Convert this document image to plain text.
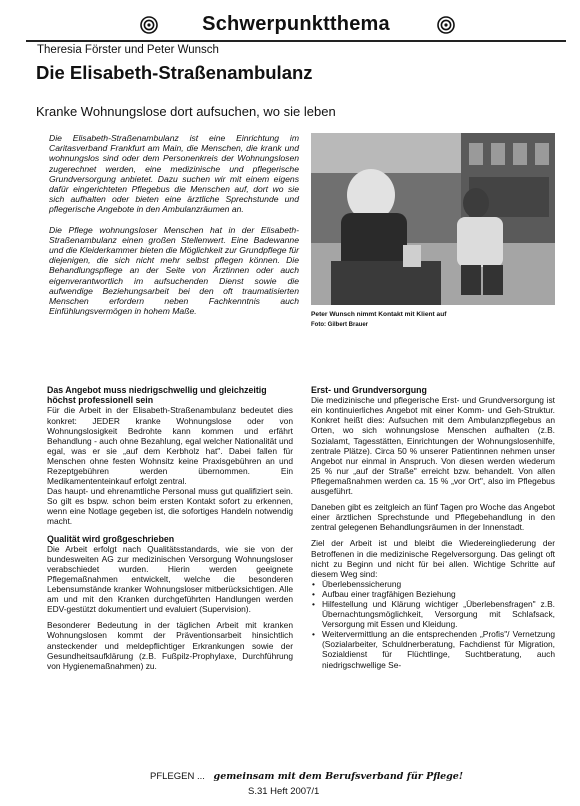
Schwerpunktthema
Theresia Förster und Peter Wunsch
Die Elisabeth-Straßenambulanz
Kranke Wohnungslose dort aufsuchen, wo sie leben

Die Elisabeth-Straßenambulanz ist eine Einrichtung im Caritasverband Frankfurt am Main, die Menschen, die krank und wohnungslos sind oder dem Personenkreis der Wohnungslosen zugerechnet werden, eine medizinische und pflegerische Grundversorgung anbietet. Dazu suchen wir mit einem eigens dafür eingerichteten Pflegebus die Menschen auf, dort wo sie sich aufhalten oder bieten eine ärztliche Sprechstunde und pflegerische Angebote in den Ambulanzräumen an.

Die Pflege wohnungsloser Menschen hat in der Elisabeth-Straßenambulanz einen großen Stellenwert. Eine Badewanne und die Kleiderkammer bieten die Möglichkeit zur Grundpflege für diejenigen, die sich nicht mehr selbst pflegen können. Die Behandlungspflege an der Seite von Ärztinnen oder auch eigenverantwortlich im aufsuchenden Dienst sowie die aufwendige Beziehungsarbeit bei den oft traumatisierten Menschen erfordern neben Fachkenntnis auch Einfühlungsvermögen in hohem Maße.	Peter Wunsch nimmt Kontakt mit Klient auf
Foto: Gilbert Brauer
Das Angebot muss niedrigschwellig und gleichzeitig höchst professionell sein

Für die Arbeit in der Elisabeth-Straßenambulanz bedeutet dies konkret: JEDER kranke Wohnungslose oder von Wohnungslosigkeit Bedrohte kann kommen und erfährt Behandlung - auch ohne Bezahlung, egal welcher Nationalität und egal, was er sie „auf dem Kerbholz hat". Dabei fallen für Menschen ohne festen Wohnsitz keine Praxisgebühren an und Rezeptgebühren werden übernommen. Ein Medikamententeinkauf erfolgt zentral.

Das haupt- und ehrenamtliche Personal muss gut qualifiziert sein. So gilt es bspw. schon beim ersten Kontakt sofort zu erkennen, wenn eine Notlage gegeben ist, die sofortiges Handeln notwendig macht.

Qualität wird großgeschrieben

Die Arbeit erfolgt nach Qualitätsstandards, wie sie von der bundesweiten AG zur medizinischen Versorgung Wohnungsloser verabschiedet wurden. Hierin werden geeignete Pflegemaßnahmen entwickelt, welche die besonderen Lebensumstände kranker Wohnungsloser mitberücksichtigen. Alle am und mit den Kranken durchgeführten Handlungen werden EDV-gestützt dokumentiert und evaluiert (Supervision).

Besonderer Bedeutung in der täglichen Arbeit mit kranken Wohnungslosen kommt der Präventionsarbeit hinsichtlich ansteckender und meldepflichtiger Erkrankungen sowie der Gesundheitsaufklärung (z.B. Fußpilz-Prophylaxe, Durchführung von Hygienemaßnahmen) zu.

Erst- und Grundversorgung

Die medizinische und pflegerische Erst- und Grundversorgung ist ein kontinuierliches Angebot mit einer Komm- und Geh-Struktur. Konkret heißt dies: Aufsuchen mit dem Ambulanzpflegebus an Orten, wo sich wohnungslose Menschen aufhalten (z.B. Sozialamt, Tagesstätten, Einrichtungen der Wohnungslosenhilfe, zentrale Plätze). Circa 50 % unserer Patientinnen nehmen unser Angebot nur einmal in Anspruch. Von diesen werden wiederum 25 % nur „auf der Straße" erreicht bzw. behandelt. Von allen Pflegemaßnahmen werden ca. 15 % „vor Ort", also im Pflegebus ausgeführt.

Daneben gibt es zeitgleich an fünf Tagen pro Woche das Angebot einer ärztlichen Sprechstunde und Pflegebehandlung in den zentral gelegenen Behandlungsräumen in der Innenstadt.

Ziel der Arbeit ist und bleibt die Wiedereingliederung der Betroffenen in die medizinische Regelversorgung. Das gelingt oft nicht zu Beginn und nicht für bei allen. Wichtige Schritte auf diesem Weg sind:

• Überlebenssicherung
• Aufbau einer tragfähigen Beziehung
• Hilfestellung und Klärung wichtiger „Überlebensfragen" z.B. Übernachtungsmöglichkeit, Versorgung mit Schlafsack, Versorgung mit Essen und Kleidung.
• Weitervermittlung an die entsprechenden „Profis"/ Vernetzung (Sozialarbeiter, Schuldnerberatung, Fachdienst für Migration, Sozialdienst für Flüchtlinge, Suchtberatung, auch niedrigschwellige Se-
PFLEGEN ... gemeinsam mit dem Berufsverband für Pflege!
S.31 Heft 2007/1
